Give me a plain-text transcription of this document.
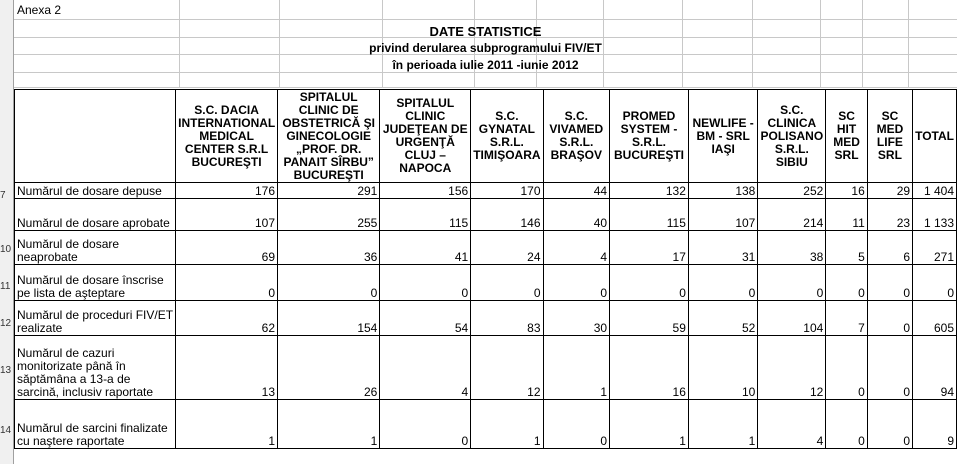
7
10
11
12
13
14
Anexa 2
DATE STATISTICE
privind derularea subprogramului FIV/ET
în perioada iulie 2011 -iunie 2012
	S.C. DACIA INTERNATIONAL MEDICAL CENTER S.R.L BUCUREŞTI	SPITALUL CLINIC DE OBSTETRICĂ ŞI GINECOLOGIE „PROF. DR. PANAIT SÎRBU” BUCUREŞTI	SPITALUL CLINIC JUDEŢEAN DE URGENŢĂ CLUJ – NAPOCA	S.C. GYNATAL S.R.L. TIMIŞOARA	S.C. VIVAMED S.R.L. BRAŞOV	PROMED SYSTEM - S.R.L. BUCUREŞTI	NEWLIFE - BM - SRL IAŞI	S.C. CLINICA POLISANO S.R.L. SIBIU	SC HIT MED SRL	SC MED LIFE SRL	TOTAL
Numărul de dosare depuse	176	291	156	170	44	132	138	252	16	29	1 404
Numărul de dosare aprobate	107	255	115	146	40	115	107	214	11	23	1 133
Numărul de dosare neaprobate	69	36	41	24	4	17	31	38	5	6	271
Numărul de dosare înscrise pe lista de aşteptare	0	0	0	0	0	0	0	0	0	0	0
Numărul de proceduri FIV/ET realizate	62	154	54	83	30	59	52	104	7	0	605
Numărul de cazuri monitorizate până în săptămâna a 13-a de sarcină, inclusiv raportate	13	26	4	12	1	16	10	12	0	0	94
Numărul de sarcini finalizate cu naştere raportate	1	1	0	1	0	1	1	4	0	0	9
